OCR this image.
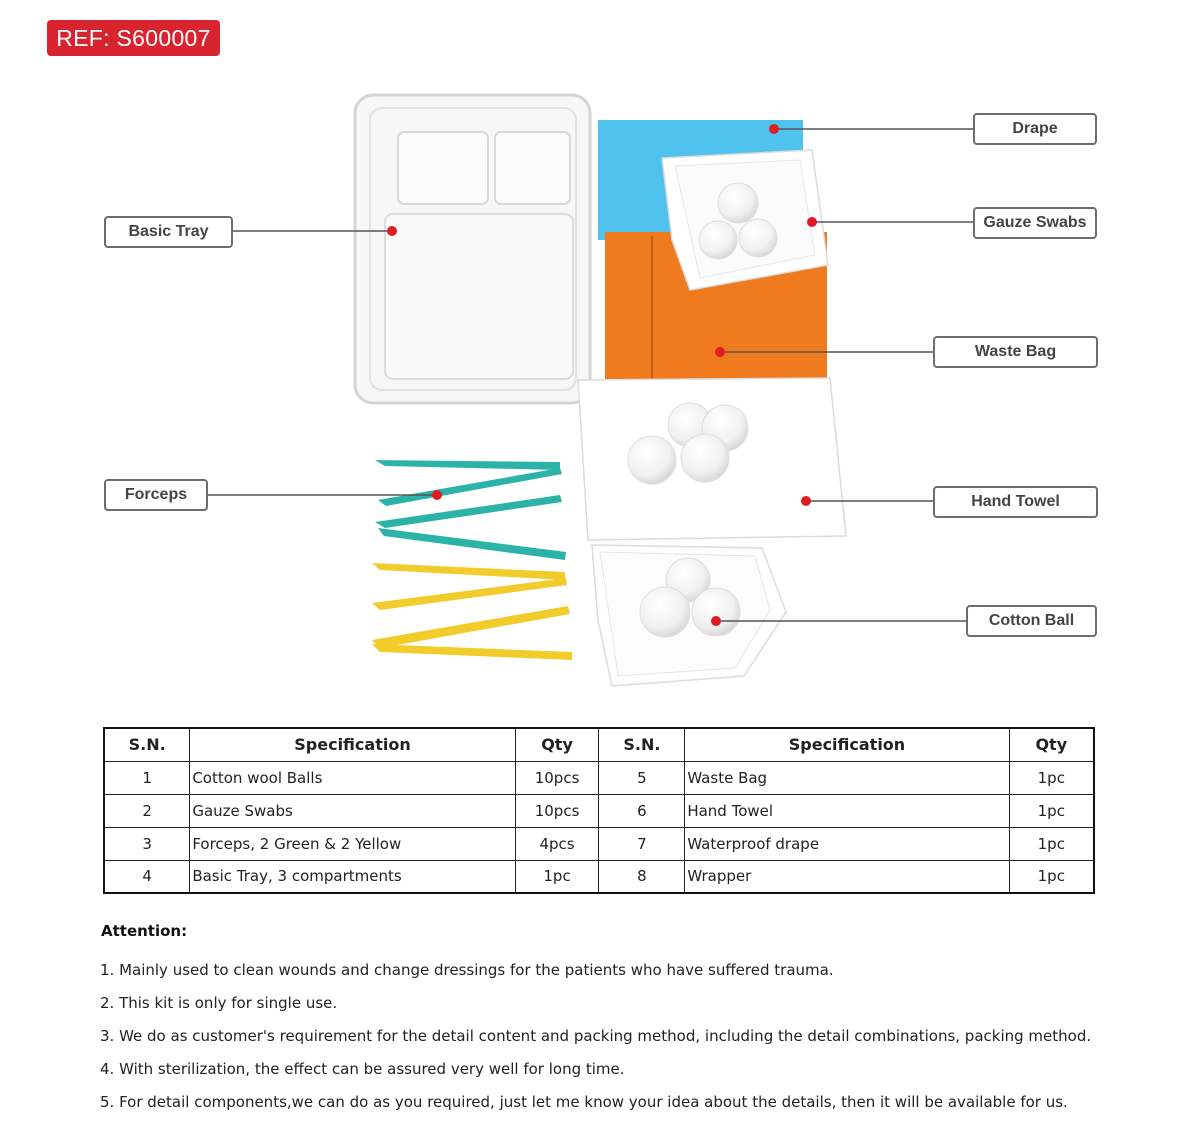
REF: S600007
Basic Tray
Forceps
Drape
Gauze Swabs
Waste Bag
Hand Towel
Cotton Ball
S.N.	Specification	Qty	S.N.	Specification	Qty
1	Cotton wool Balls	10pcs	5	Waste Bag	1pc
2	Gauze Swabs	10pcs	6	Hand Towel	1pc
3	Forceps, 2 Green & 2 Yellow	4pcs	7	Waterproof drape	1pc
4	Basic Tray, 3 compartments	1pc	8	Wrapper	1pc
Attention:
1. Mainly used to clean wounds and change dressings for the patients who have suffered trauma.
2. This kit is only for single use.
3. We do as customer's requirement for the detail content and packing method, including the detail combinations, packing method.
4. With sterilization, the effect can be assured very well for long time.
5. For detail components,we can do as you required, just let me know your idea about the details, then it will be available for us.
